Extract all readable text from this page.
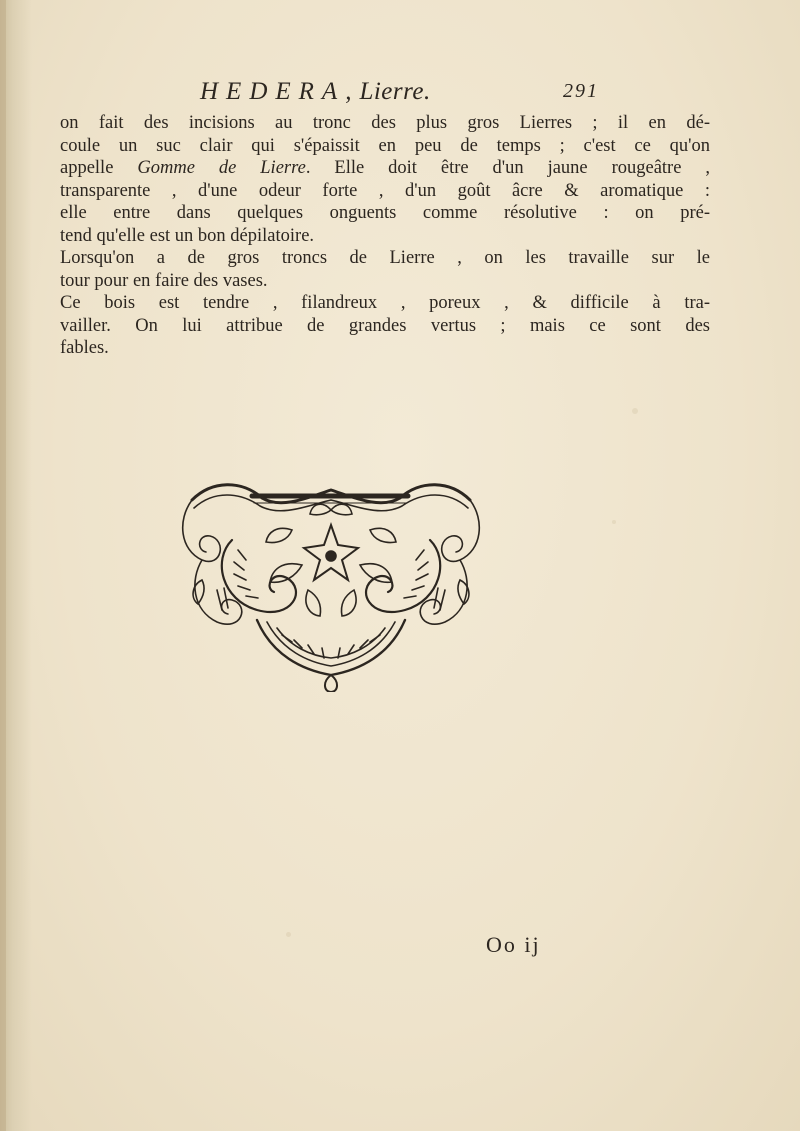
HEDERA, Lierre.	291
on fait des incisions au tronc des plus gros Lierres ; il en dé-
coule un suc clair qui s'épaissit en peu de temps ; c'est ce qu'on
appelle Gomme de Lierre. Elle doit être d'un jaune rougeâtre ,
transparente , d'une odeur forte , d'un goût âcre & aromatique :
elle entre dans quelques onguents comme résolutive : on pré-
tend qu'elle est un bon dépilatoire.
Lorsqu'on a de gros troncs de Lierre , on les travaille sur le
tour pour en faire des vases.
Ce bois est tendre , filandreux , poreux , & difficile à tra-
vailler. On lui attribue de grandes vertus ; mais ce sont des
fables.
Oo ij
